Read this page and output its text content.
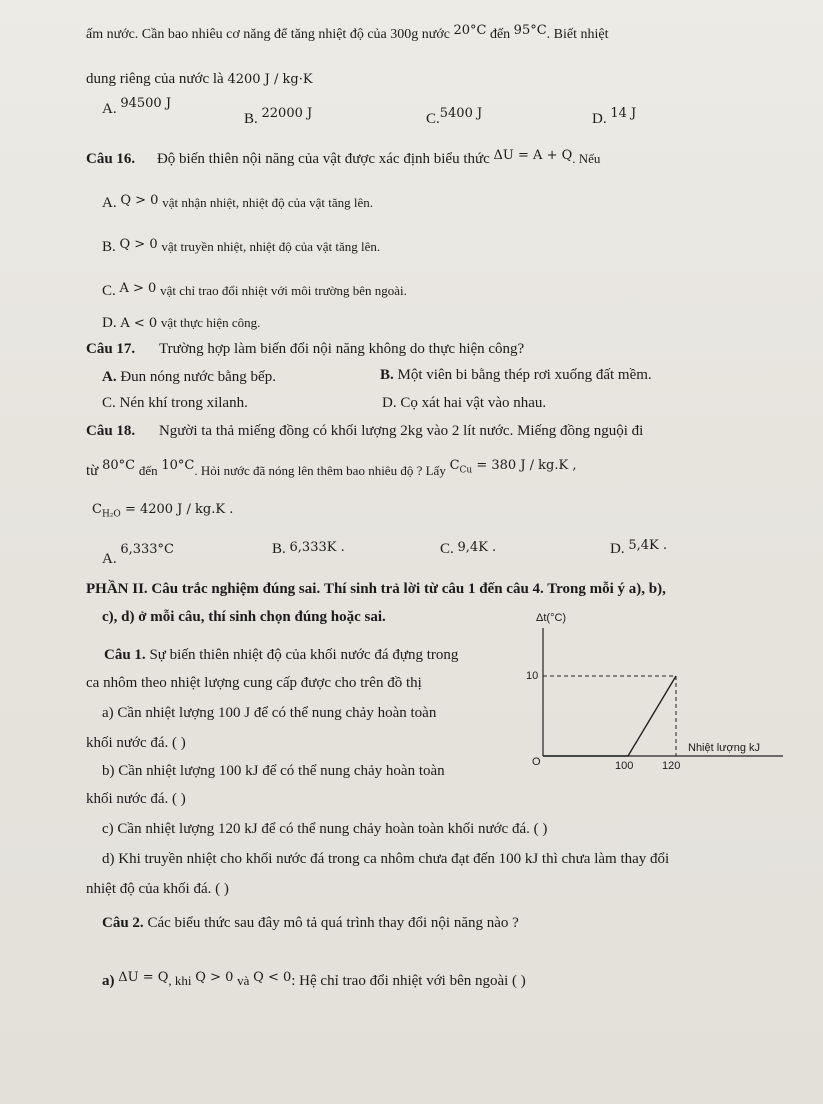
ấm nước. Cần bao nhiêu cơ năng để tăng nhiệt độ của 300g nước 20°C đến 95°C. Biết nhiệt
dung riêng của nước là 4200 J / kg·K
A. 94500 J
B. 22000 J	C.5400 J	D. 14 J
Câu 16. Độ biến thiên nội năng của vật được xác định biểu thức ΔU = A + Q. Nếu
A. Q > 0 vật nhận nhiệt, nhiệt độ của vật tăng lên.
B. Q > 0 vật truyền nhiệt, nhiệt độ của vật tăng lên.
C. A > 0 vật chỉ trao đổi nhiệt với môi trường bên ngoài.
D. A < 0 vật thực hiện công.
Câu 17. Trường hợp làm biến đổi nội năng không do thực hiện công?
A. Đun nóng nước bằng bếp.	B. Một viên bi bằng thép rơi xuống đất mềm.
C. Nén khí trong xilanh.	D. Cọ xát hai vật vào nhau.
Câu 18. Người ta thả miếng đồng có khối lượng 2kg vào 2 lít nước. Miếng đồng nguội đi
từ 80°C đến 10°C. Hỏi nước đã nóng lên thêm bao nhiêu độ ? Lấy $C_{Cu} = 380$ J / kg.K ,
$C_{H_2O} = 4200$ J / kg.K .
A. 6,333°C	B. 6,333K .	C. 9,4K .	D. 5,4K .
PHẦN II. Câu trắc nghiệm đúng sai. Thí sinh trả lời từ câu 1 đến câu 4. Trong mỗi ý a), b),
c), d) ở mỗi câu, thí sinh chọn đúng hoặc sai.
Câu 1. Sự biến thiên nhiệt độ của khối nước đá đựng trong
ca nhôm theo nhiệt lượng cung cấp được cho trên đồ thị
a) Cần nhiệt lượng 100 J để có thể nung chảy hoàn toàn
khối nước đá. ( )
b) Cần nhiệt lượng 100 kJ để có thể nung chảy hoàn toàn
khối nước đá. ( )
c) Cần nhiệt lượng 120 kJ để có thể nung chảy hoàn toàn khối nước đá. ( )
d) Khi truyền nhiệt cho khối nước đá trong ca nhôm chưa đạt đến 100 kJ thì chưa làm thay đổi
nhiệt độ của khối đá. ( )
Δt(°C)
10
O	100	120
Nhiệt lượng kJ
Câu 2. Các biểu thức sau đây mô tả quá trình thay đổi nội năng nào ?
a) ΔU = Q, khi Q > 0 và Q < 0: Hệ chỉ trao đổi nhiệt với bên ngoài ( )
